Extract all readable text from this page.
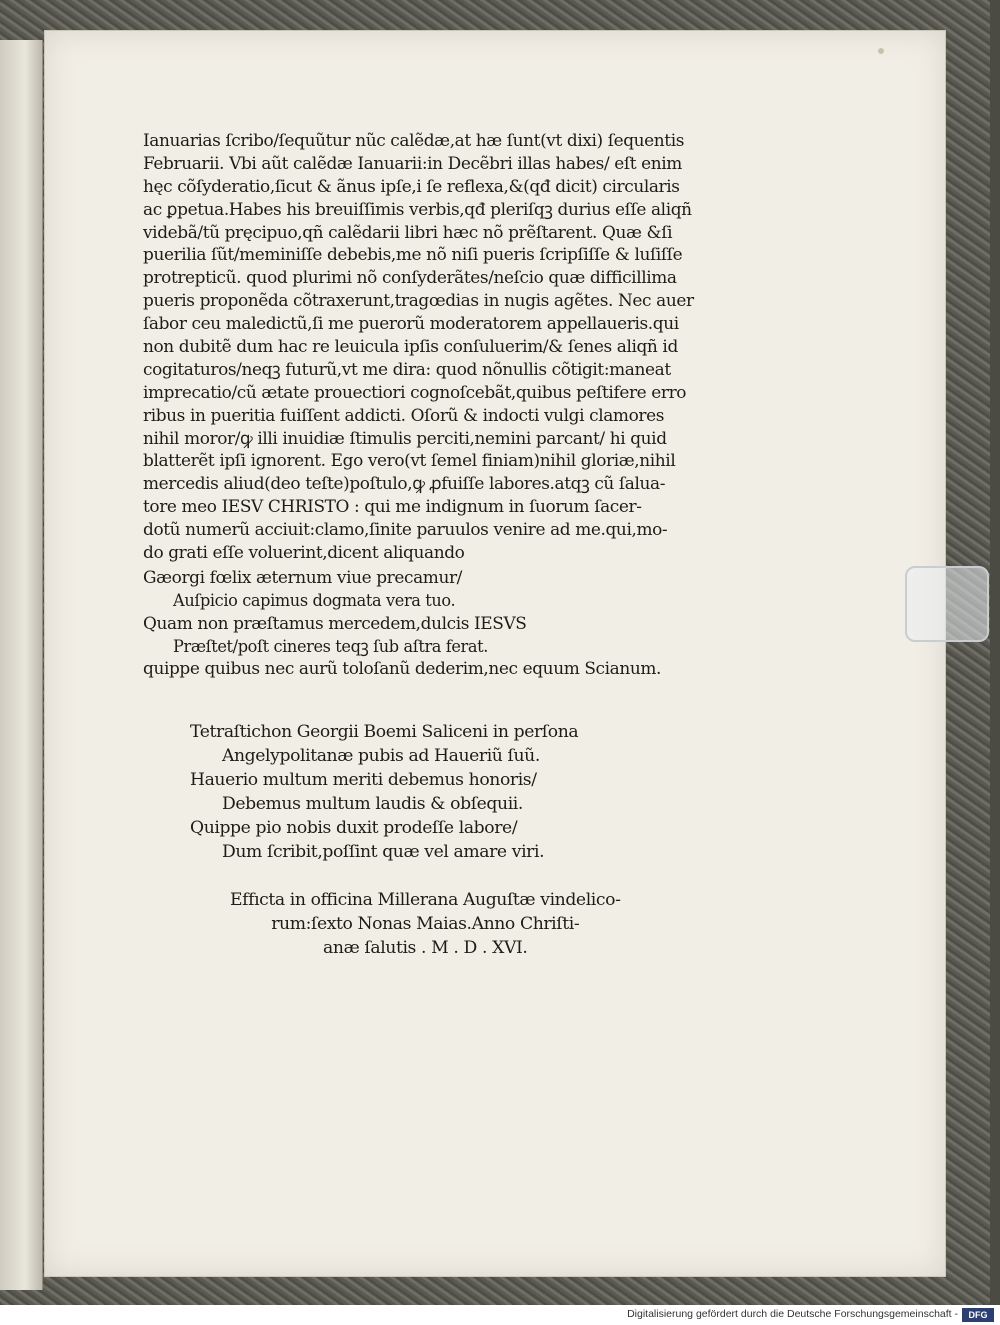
Ianuarias ſcribo/ſequũtur nũc calẽdæ,at hæ ſunt(vt dixi) ſequentis
Februarii. Vbi aũt calẽdæ Ianuarii:in Decẽbri illas habes/ eſt enim
hęc cõſyderatio,ſicut & ãnus ipſe,i ſe reflexa,&(qđ dicit) circularis
ac ꝑpetua.Habes his breuiſſimis verbis,qđ pleriſqꝫ durius eſſe aliqñ
videbã/tũ pręcipuo,qñ calẽdarii libri hæc nõ prẽſtarent. Quæ &ſi
puerilia ſũt/meminiſſe debebis,me nõ niſi pueris ſcripſiſſe & luſiſſe
protrepticũ. quod plurimi nõ conſyderãtes/neſcio quæ difficillima
pueris proponẽda cõtraxerunt,tragœdias in nugis agẽtes. Nec auer
ſabor ceu maledictũ,ſi me puerorũ moderatorem appellaueris.qui
non dubitẽ dum hac re leuicula ipſis conſuluerim/& ſenes aliqñ id
cogitaturos/neqꝫ futurũ,vt me dira: quod nõnullis cõtigit:maneat
imprecatio/cũ ætate prouectiori cognoſcebãt,quibus peſtifere erro
ribus in pueritia fuiſſent addicti. Oſorũ & indocti vulgi clamores
nihil moror/ꝙ illi inuidiæ ſtimulis perciti,nemini parcant/ hi quid
blatterẽt ipſi ignorent. Ego vero(vt ſemel finiam)nihil gloriæ,nihil
mercedis aliud(deo teſte)poſtulo,ꝙ ꝓfuiſſe labores.atqꝫ cũ ſalua-
tore meo IESV CHRISTO : qui me indignum in ſuorum ſacer-
dotũ numerũ acciuit:clamo,ſinite paruulos venire ad me.qui,mo-
do grati eſſe voluerint,dicent aliquando
Gæorgi fœlix æternum viue precamur/
Auſpicio capimus dogmata vera tuo.
Quam non præſtamus mercedem,dulcis IESVS
Præſtet/poſt cineres teqꝫ ſub aſtra ferat.
quippe quibus nec aurũ toloſanũ dederim,nec equum Scianum.
Tetraſtichon Georgii Boemi Saliceni in perſona
Angelypolitanæ pubis ad Haueriũ ſuũ.
Hauerio multum meriti debemus honoris/
Debemus multum laudis & obſequii.
Quippe pio nobis duxit prodeſſe labore/
Dum ſcribit,poſſint quæ vel amare viri.
Effıcta in officina Millerana Auguſtæ vindelico-
rum:ſexto Nonas Maias.Anno Chriſti-
anæ ſalutis . M . D . XVI.
Digitalisierung gefördert durch die Deutsche Forschungsgemeinschaft -	DFG
